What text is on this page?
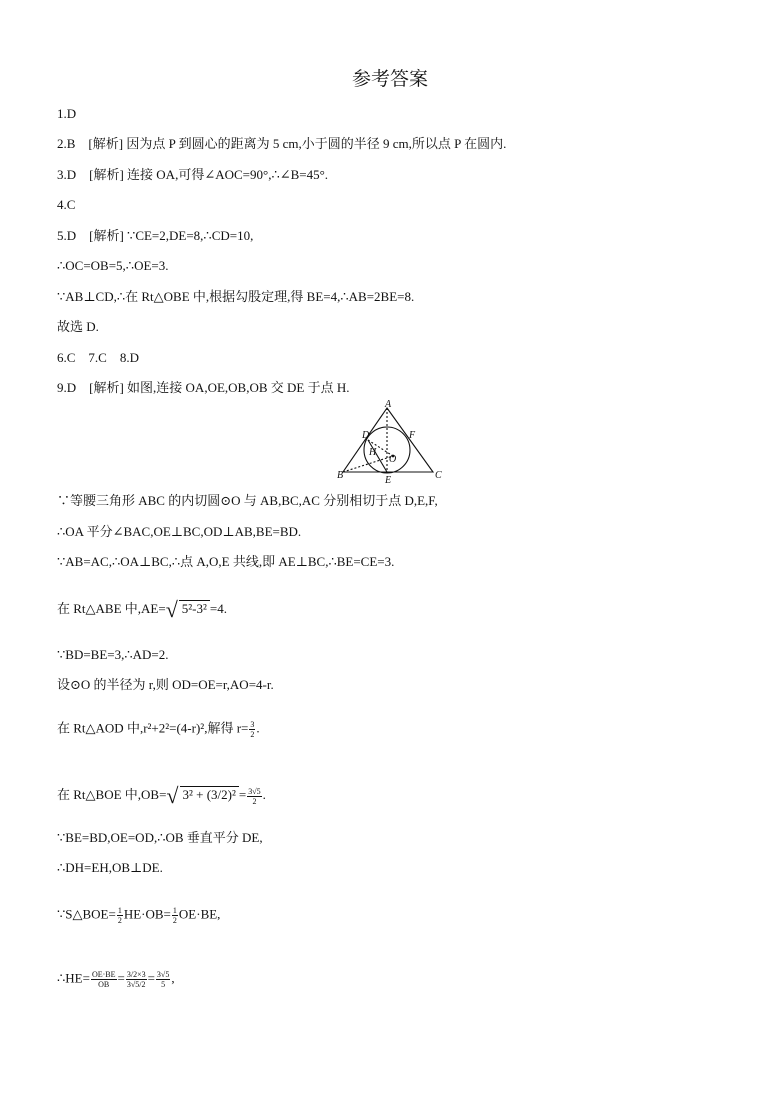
参考答案
1.D
2.B　[解析] 因为点 P 到圆心的距离为 5 cm,小于圆的半径 9 cm,所以点 P 在圆内.
3.D　[解析] 连接 OA,可得∠AOC=90°,∴∠B=45°.
4.C
5.D　[解析] ∵CE=2,DE=8,∴CD=10,
∴OC=OB=5,∴OE=3.
∵AB⊥CD,∴在 Rt△OBE 中,根据勾股定理,得 BE=4,∴AB=2BE=8.
故选 D.
6.C　7.C　8.D
9.D　[解析] 如图,连接 OA,OE,OB,OB 交 DE 于点 H.
A
B	C
D
E
F
H
O
∵等腰三角形 ABC 的内切圆⊙O 与 AB,BC,AC 分别相切于点 D,E,F,
∴OA 平分∠BAC,OE⊥BC,OD⊥AB,BE=BD.
∵AB=AC,∴OA⊥BC,∴点 A,O,E 共线,即 AE⊥BC,∴BE=CE=3.
在 Rt△ABE 中,AE=√ 5²-3² =4.
∵BD=BE=3,∴AD=2.
设⊙O 的半径为 r,则 OD=OE=r,AO=4-r.
在 Rt△AOD 中,r²+2²=(4-r)²,解得 $r= \frac{3}{2}$ .
在 Rt△BOE 中,OB=√ $3^2 + (3/2)^2 = \frac{3√5}{2}$ .
∵BE=BD,OE=OD,∴OB 垂直平分 DE,
∴DH=EH,OB⊥DE.
∵S△BOE= $\frac{1}{2} HE\cdot OB= \frac{1}{2} OE\cdot BE$,
∴HE= $\frac{OE\cdot BE}{OB} = \frac{3/2\times 3}{3√5/2} = \frac{3√5}{5}$ ,
